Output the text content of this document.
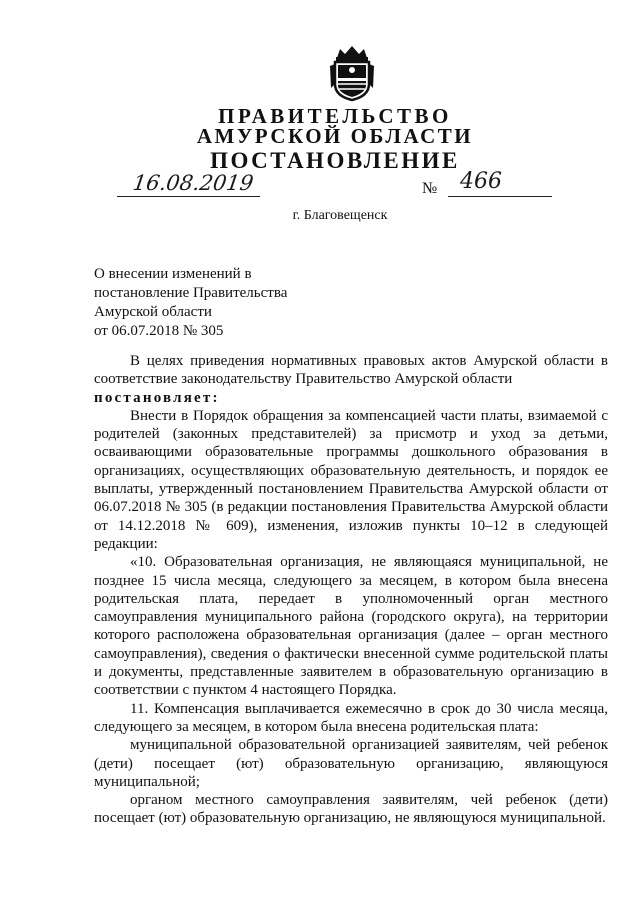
ПРАВИТЕЛЬСТВО
АМУРСКОЙ ОБЛАСТИ
ПОСТАНОВЛЕНИЕ
16.08.2019	№ 466
г. Благовещенск
О внесении изменений в
постановление Правительства
Амурской области
от 06.07.2018 № 305

В целях приведения нормативных правовых актов Амурской области в соответствие законодательству Правительство Амурской области

постановляет:

Внести в Порядок обращения за компенсацией части платы, взимаемой с родителей (законных представителей) за присмотр и уход за детьми, осваивающими образовательные программы дошкольного образования в организациях, осуществляющих образовательную деятельность, и порядок ее выплаты, утвержденный постановлением Правительства Амурской области от 06.07.2018 № 305 (в редакции постановления Правительства Амурской области от 14.12.2018 № 609), изменения, изложив пункты 10–12 в следующей редакции:

«10. Образовательная организация, не являющаяся муниципальной, не позднее 15 числа месяца, следующего за месяцем, в котором была внесена родительская плата, передает в уполномоченный орган местного самоуправления муниципального района (городского округа), на территории которого расположена образовательная организация (далее – орган местного самоуправления), сведения о фактически внесенной сумме родительской платы и документы, представленные заявителем в образовательную организацию в соответствии с пунктом 4 настоящего Порядка.

11. Компенсация выплачивается ежемесячно в срок до 30 числа месяца, следующего за месяцем, в котором была внесена родительская плата:

муниципальной образовательной организацией заявителям, чей ребенок (дети) посещает (ют) образовательную организацию, являющуюся муниципальной;

органом местного самоуправления заявителям, чей ребенок (дети) посещает (ют) образовательную организацию, не являющуюся муниципальной.
